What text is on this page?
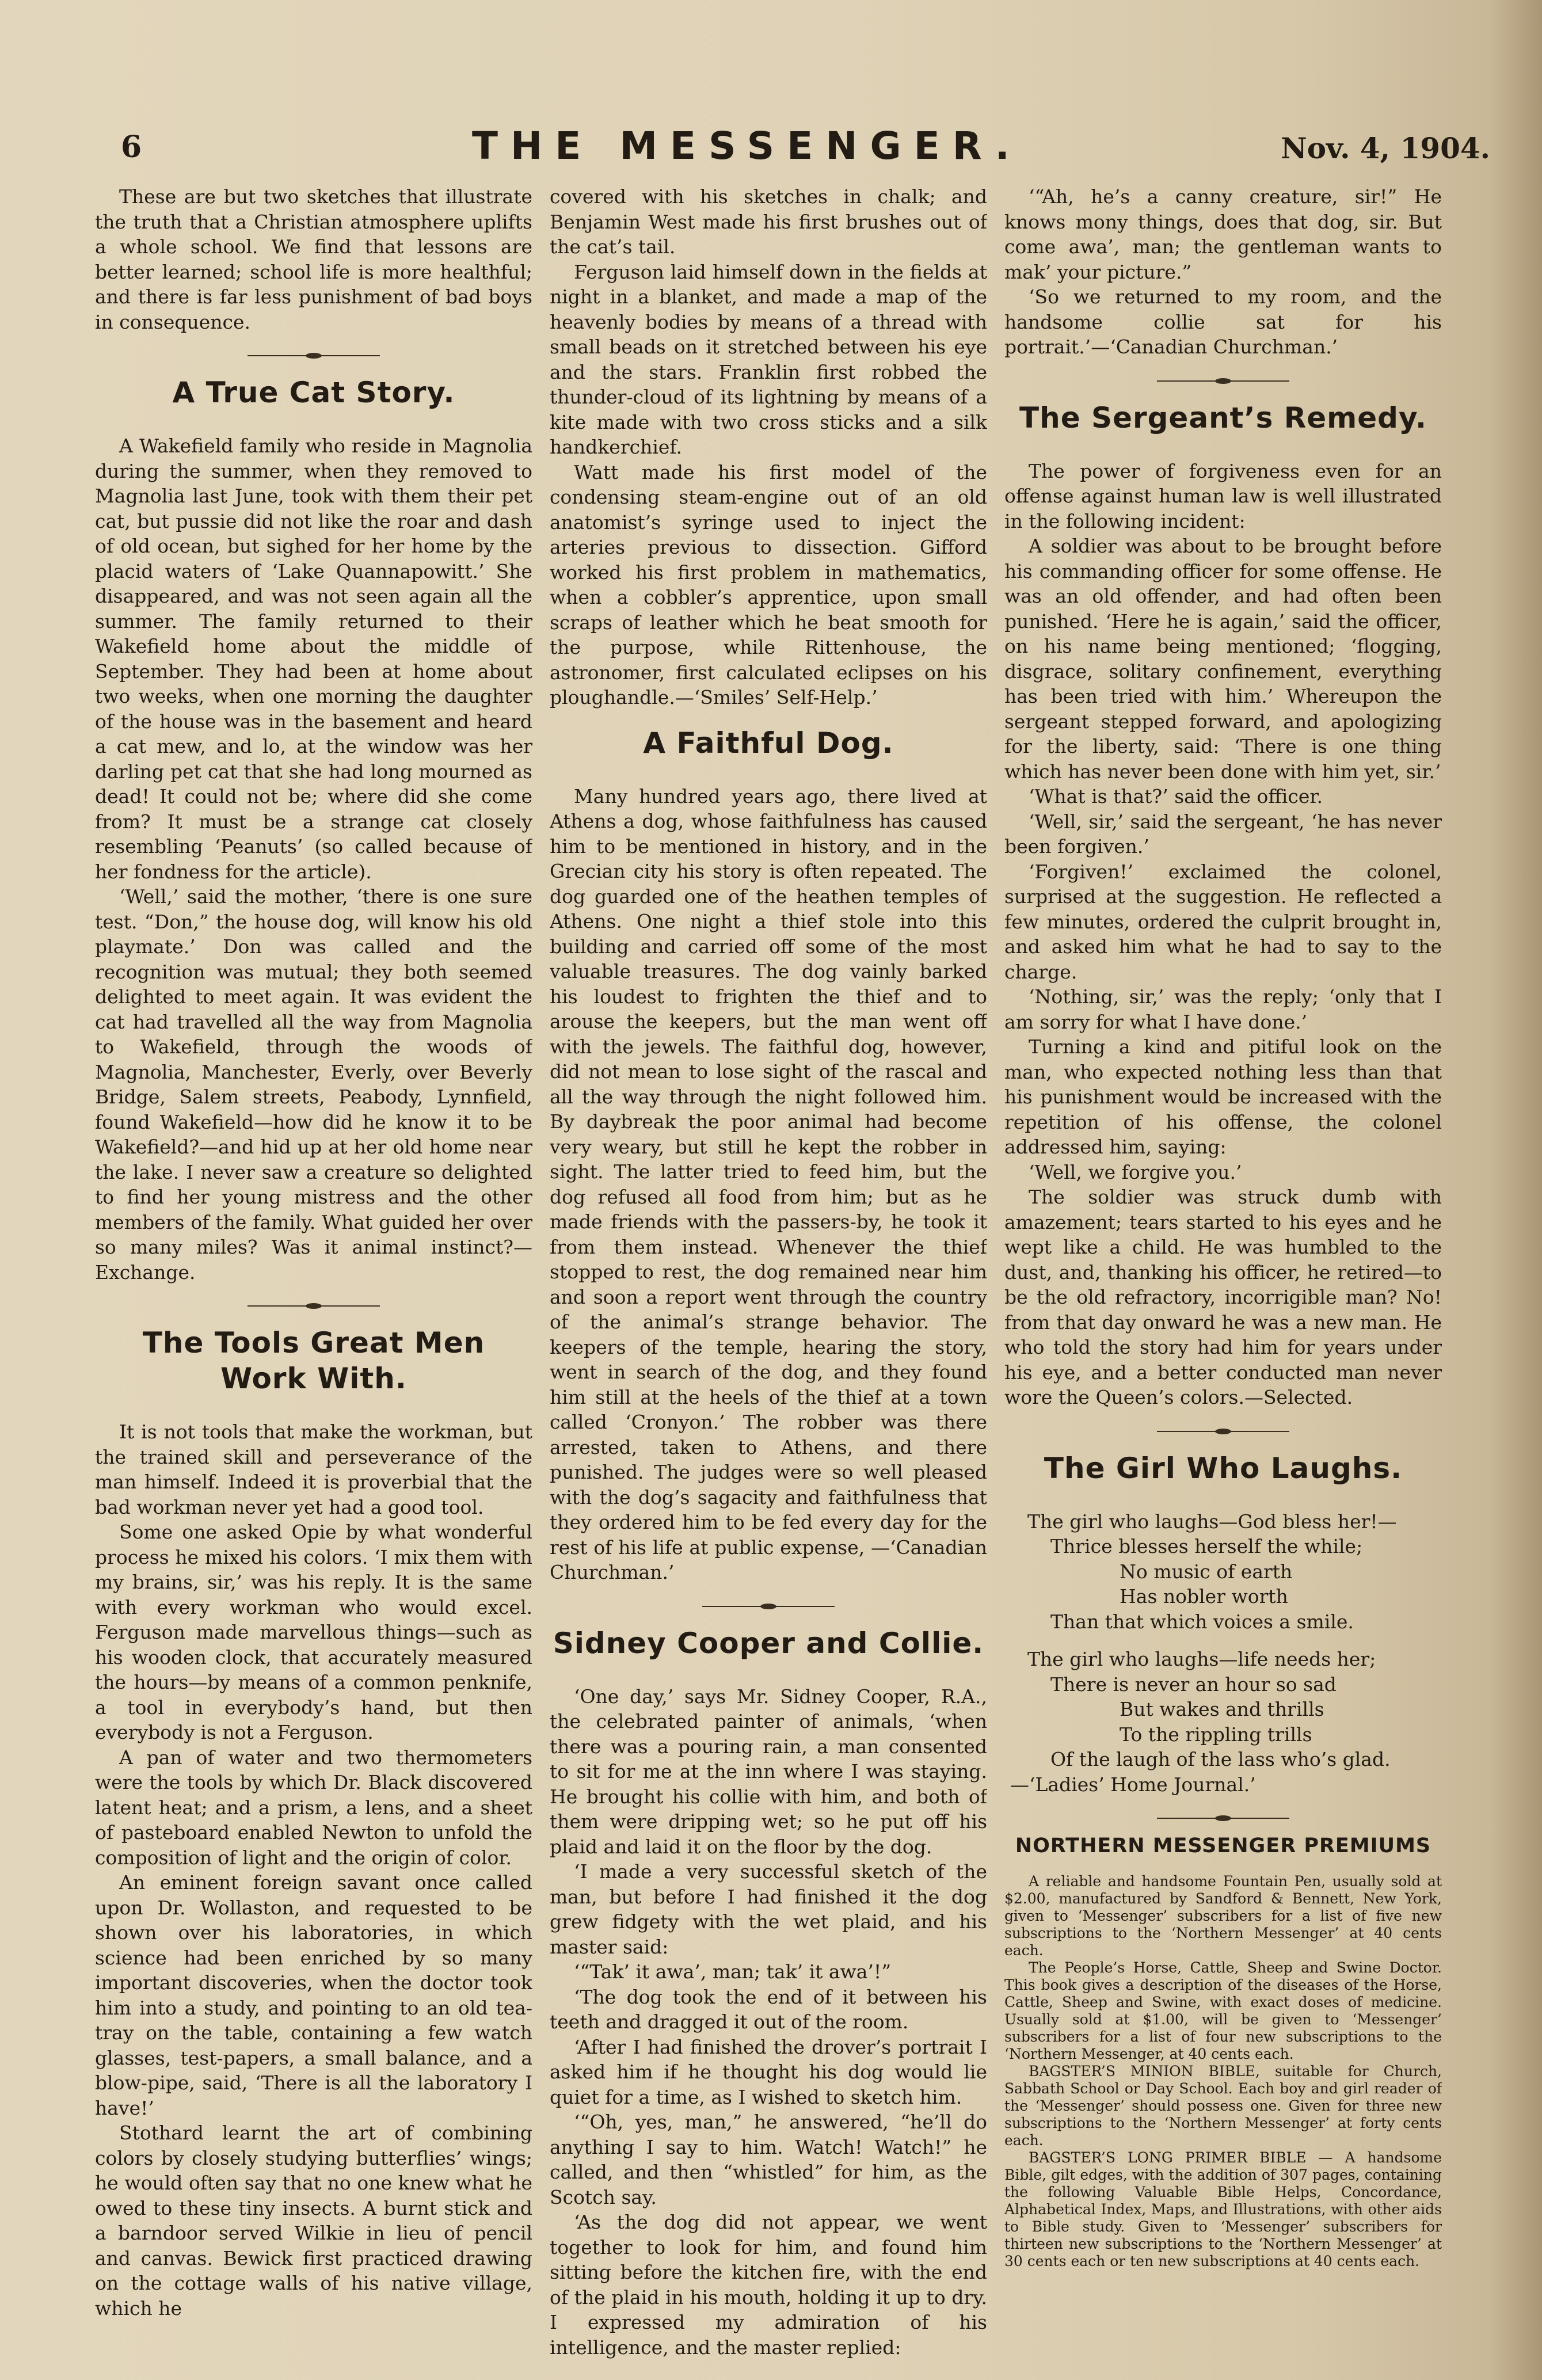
6	THE MESSENGER.	Nov. 4, 1904.

These are but two sketches that illustrate the truth that a Christian atmosphere uplifts a whole school. We find that lessons are better learned; school life is more healthful; and there is far less punishment of bad boys in consequence.

A True Cat Story.

A Wakefield family who reside in Magnolia during the summer, when they removed to Magnolia last June, took with them their pet cat, but pussie did not like the roar and dash of old ocean, but sighed for her home by the placid waters of ‘Lake Quannapowitt.’ She disappeared, and was not seen again all the summer. The family returned to their Wakefield home about the middle of September. They had been at home about two weeks, when one morning the daughter of the house was in the basement and heard a cat mew, and lo, at the window was her darling pet cat that she had long mourned as dead! It could not be; where did she come from? It must be a strange cat closely resembling ‘Peanuts’ (so called because of her fondness for the article).

‘Well,’ said the mother, ‘there is one sure test. “Don,” the house dog, will know his old playmate.’ Don was called and the recognition was mutual; they both seemed delighted to meet again. It was evident the cat had travelled all the way from Magnolia to Wakefield, through the woods of Magnolia, Manchester, Everly, over Beverly Bridge, Salem streets, Peabody, Lynnfield, found Wakefield—how did he know it to be Wakefield?—and hid up at her old home near the lake. I never saw a creature so delighted to find her young mistress and the other members of the family. What guided her over so many miles? Was it animal instinct?—Exchange.

The Tools Great Men Work With.

It is not tools that make the workman, but the trained skill and perseverance of the man himself. Indeed it is proverbial that the bad workman never yet had a good tool.

Some one asked Opie by what wonderful process he mixed his colors. ‘I mix them with my brains, sir,’ was his reply. It is the same with every workman who would excel. Ferguson made marvellous things—such as his wooden clock, that accurately measured the hours—by means of a common penknife, a tool in everybody’s hand, but then everybody is not a Ferguson.

A pan of water and two thermometers were the tools by which Dr. Black discovered latent heat; and a prism, a lens, and a sheet of pasteboard enabled Newton to unfold the composition of light and the origin of color.

An eminent foreign savant once called upon Dr. Wollaston, and requested to be shown over his laboratories, in which science had been enriched by so many important discoveries, when the doctor took him into a study, and pointing to an old tea-tray on the table, containing a few watch glasses, test-papers, a small balance, and a blow-pipe, said, ‘There is all the laboratory I have!’

Stothard learnt the art of combining colors by closely studying butterflies’ wings; he would often say that no one knew what he owed to these tiny insects. A burnt stick and a barndoor served Wilkie in lieu of pencil and canvas. Bewick first practiced drawing on the cottage walls of his native village, which he

covered with his sketches in chalk; and Benjamin West made his first brushes out of the cat’s tail.

Ferguson laid himself down in the fields at night in a blanket, and made a map of the heavenly bodies by means of a thread with small beads on it stretched between his eye and the stars. Franklin first robbed the thunder-cloud of its lightning by means of a kite made with two cross sticks and a silk handkerchief.

Watt made his first model of the condensing steam-engine out of an old anatomist’s syringe used to inject the arteries previous to dissection. Gifford worked his first problem in mathematics, when a cobbler’s apprentice, upon small scraps of leather which he beat smooth for the purpose, while Rittenhouse, the astronomer, first calculated eclipses on his ploughandle.—‘Smiles’ Self-Help.’

A Faithful Dog.

Many hundred years ago, there lived at Athens a dog, whose faithfulness has caused him to be mentioned in history, and in the Grecian city his story is often repeated. The dog guarded one of the heathen temples of Athens. One night a thief stole into this building and carried off some of the most valuable treasures. The dog vainly barked his loudest to frighten the thief and to arouse the keepers, but the man went off with the jewels. The faithful dog, however, did not mean to lose sight of the rascal and all the way through the night followed him. By daybreak the poor animal had become very weary, but still he kept the robber in sight. The latter tried to feed him, but the dog refused all food from him; but as he made friends with the passers-by, he took it from them instead. Whenever the thief stopped to rest, the dog remained near him and soon a report went through the country of the animal’s strange behavior. The keepers of the temple, hearing the story, went in search of the dog, and they found him still at the heels of the thief at a town called ‘Cronyon.’ The robber was there arrested, taken to Athens, and there punished. The judges were so well pleased with the dog’s sagacity and faithfulness that they ordered him to be fed every day for the rest of his life at public expense, —‘Canadian Churchman.’

Sidney Cooper and Collie.

‘One day,’ says Mr. Sidney Cooper, R.A., the celebrated painter of animals, ‘when there was a pouring rain, a man consented to sit for me at the inn where I was staying. He brought his collie with him, and both of them were dripping wet; so he put off his plaid and laid it on the floor by the dog.

‘I made a very successful sketch of the man, but before I had finished it the dog grew fidgety with the wet plaid, and his master said:

‘“Tak’ it awa’, man; tak’ it awa’!”

‘The dog took the end of it between his teeth and dragged it out of the room.

‘After I had finished the drover’s portrait I asked him if he thought his dog would lie quiet for a time, as I wished to sketch him.

‘“Oh, yes, man,” he answered, “he’ll do anything I say to him. Watch! Watch!” he called, and then “whistled” for him, as the Scotch say.

‘As the dog did not appear, we went together to look for him, and found him sitting before the kitchen fire, with the end of the plaid in his mouth, holding it up to dry. I expressed my admiration of his intelligence, and the master replied:

‘“Ah, he’s a canny creature, sir!” He knows mony things, does that dog, sir. But come awa’, man; the gentleman wants to mak’ your picture.”

‘So we returned to my room, and the handsome collie sat for his portrait.’—‘Canadian Churchman.’

The Sergeant’s Remedy.

The power of forgiveness even for an offense against human law is well illustrated in the following incident:

A soldier was about to be brought before his commanding officer for some offense. He was an old offender, and had often been punished. ‘Here he is again,’ said the officer, on his name being mentioned; ‘flogging, disgrace, solitary confinement, everything has been tried with him.’ Whereupon the sergeant stepped forward, and apologizing for the liberty, said: ‘There is one thing which has never been done with him yet, sir.’

‘What is that?’ said the officer.

‘Well, sir,’ said the sergeant, ‘he has never been forgiven.’

‘Forgiven!’ exclaimed the colonel, surprised at the suggestion. He reflected a few minutes, ordered the culprit brought in, and asked him what he had to say to the charge.

‘Nothing, sir,’ was the reply; ‘only that I am sorry for what I have done.’

Turning a kind and pitiful look on the man, who expected nothing less than that his punishment would be increased with the repetition of his offense, the colonel addressed him, saying:

‘Well, we forgive you.’

The soldier was struck dumb with amazement; tears started to his eyes and he wept like a child. He was humbled to the dust, and, thanking his officer, he retired—to be the old refractory, incorrigible man? No! from that day onward he was a new man. He who told the story had him for years under his eye, and a better conducted man never wore the Queen’s colors.—Selected.

The Girl Who Laughs.
The girl who laughs—God bless her!—
Thrice blesses herself the while;
No music of earth
Has nobler worth
Than that which voices a smile.
The girl who laughs—life needs her;
There is never an hour so sad
But wakes and thrills
To the rippling trills
Of the laugh of the lass who’s glad.
—‘Ladies’ Home Journal.’
NORTHERN MESSENGER PREMIUMS

A reliable and handsome Fountain Pen, usually sold at $2.00, manufactured by Sandford & Bennett, New York, given to ‘Messenger’ subscribers for a list of five new subscriptions to the ‘Northern Messenger’ at 40 cents each.

The People’s Horse, Cattle, Sheep and Swine Doctor. This book gives a description of the diseases of the Horse, Cattle, Sheep and Swine, with exact doses of medicine. Usually sold at $1.00, will be given to ‘Messenger’ subscribers for a list of four new subscriptions to the ‘Northern Messenger, at 40 cents each.

BAGSTER’S MINION BIBLE, suitable for Church, Sabbath School or Day School. Each boy and girl reader of the ‘Messenger’ should possess one. Given for three new subscriptions to the ‘Northern Messenger’ at forty cents each.

BAGSTER’S LONG PRIMER BIBLE — A handsome Bible, gilt edges, with the addition of 307 pages, containing the following Valuable Bible Helps, Concordance, Alphabetical Index, Maps, and Illustrations, with other aids to Bible study. Given to ‘Messenger’ subscribers for thirteen new subscriptions to the ‘Northern Messenger’ at 30 cents each or ten new subscriptions at 40 cents each.
